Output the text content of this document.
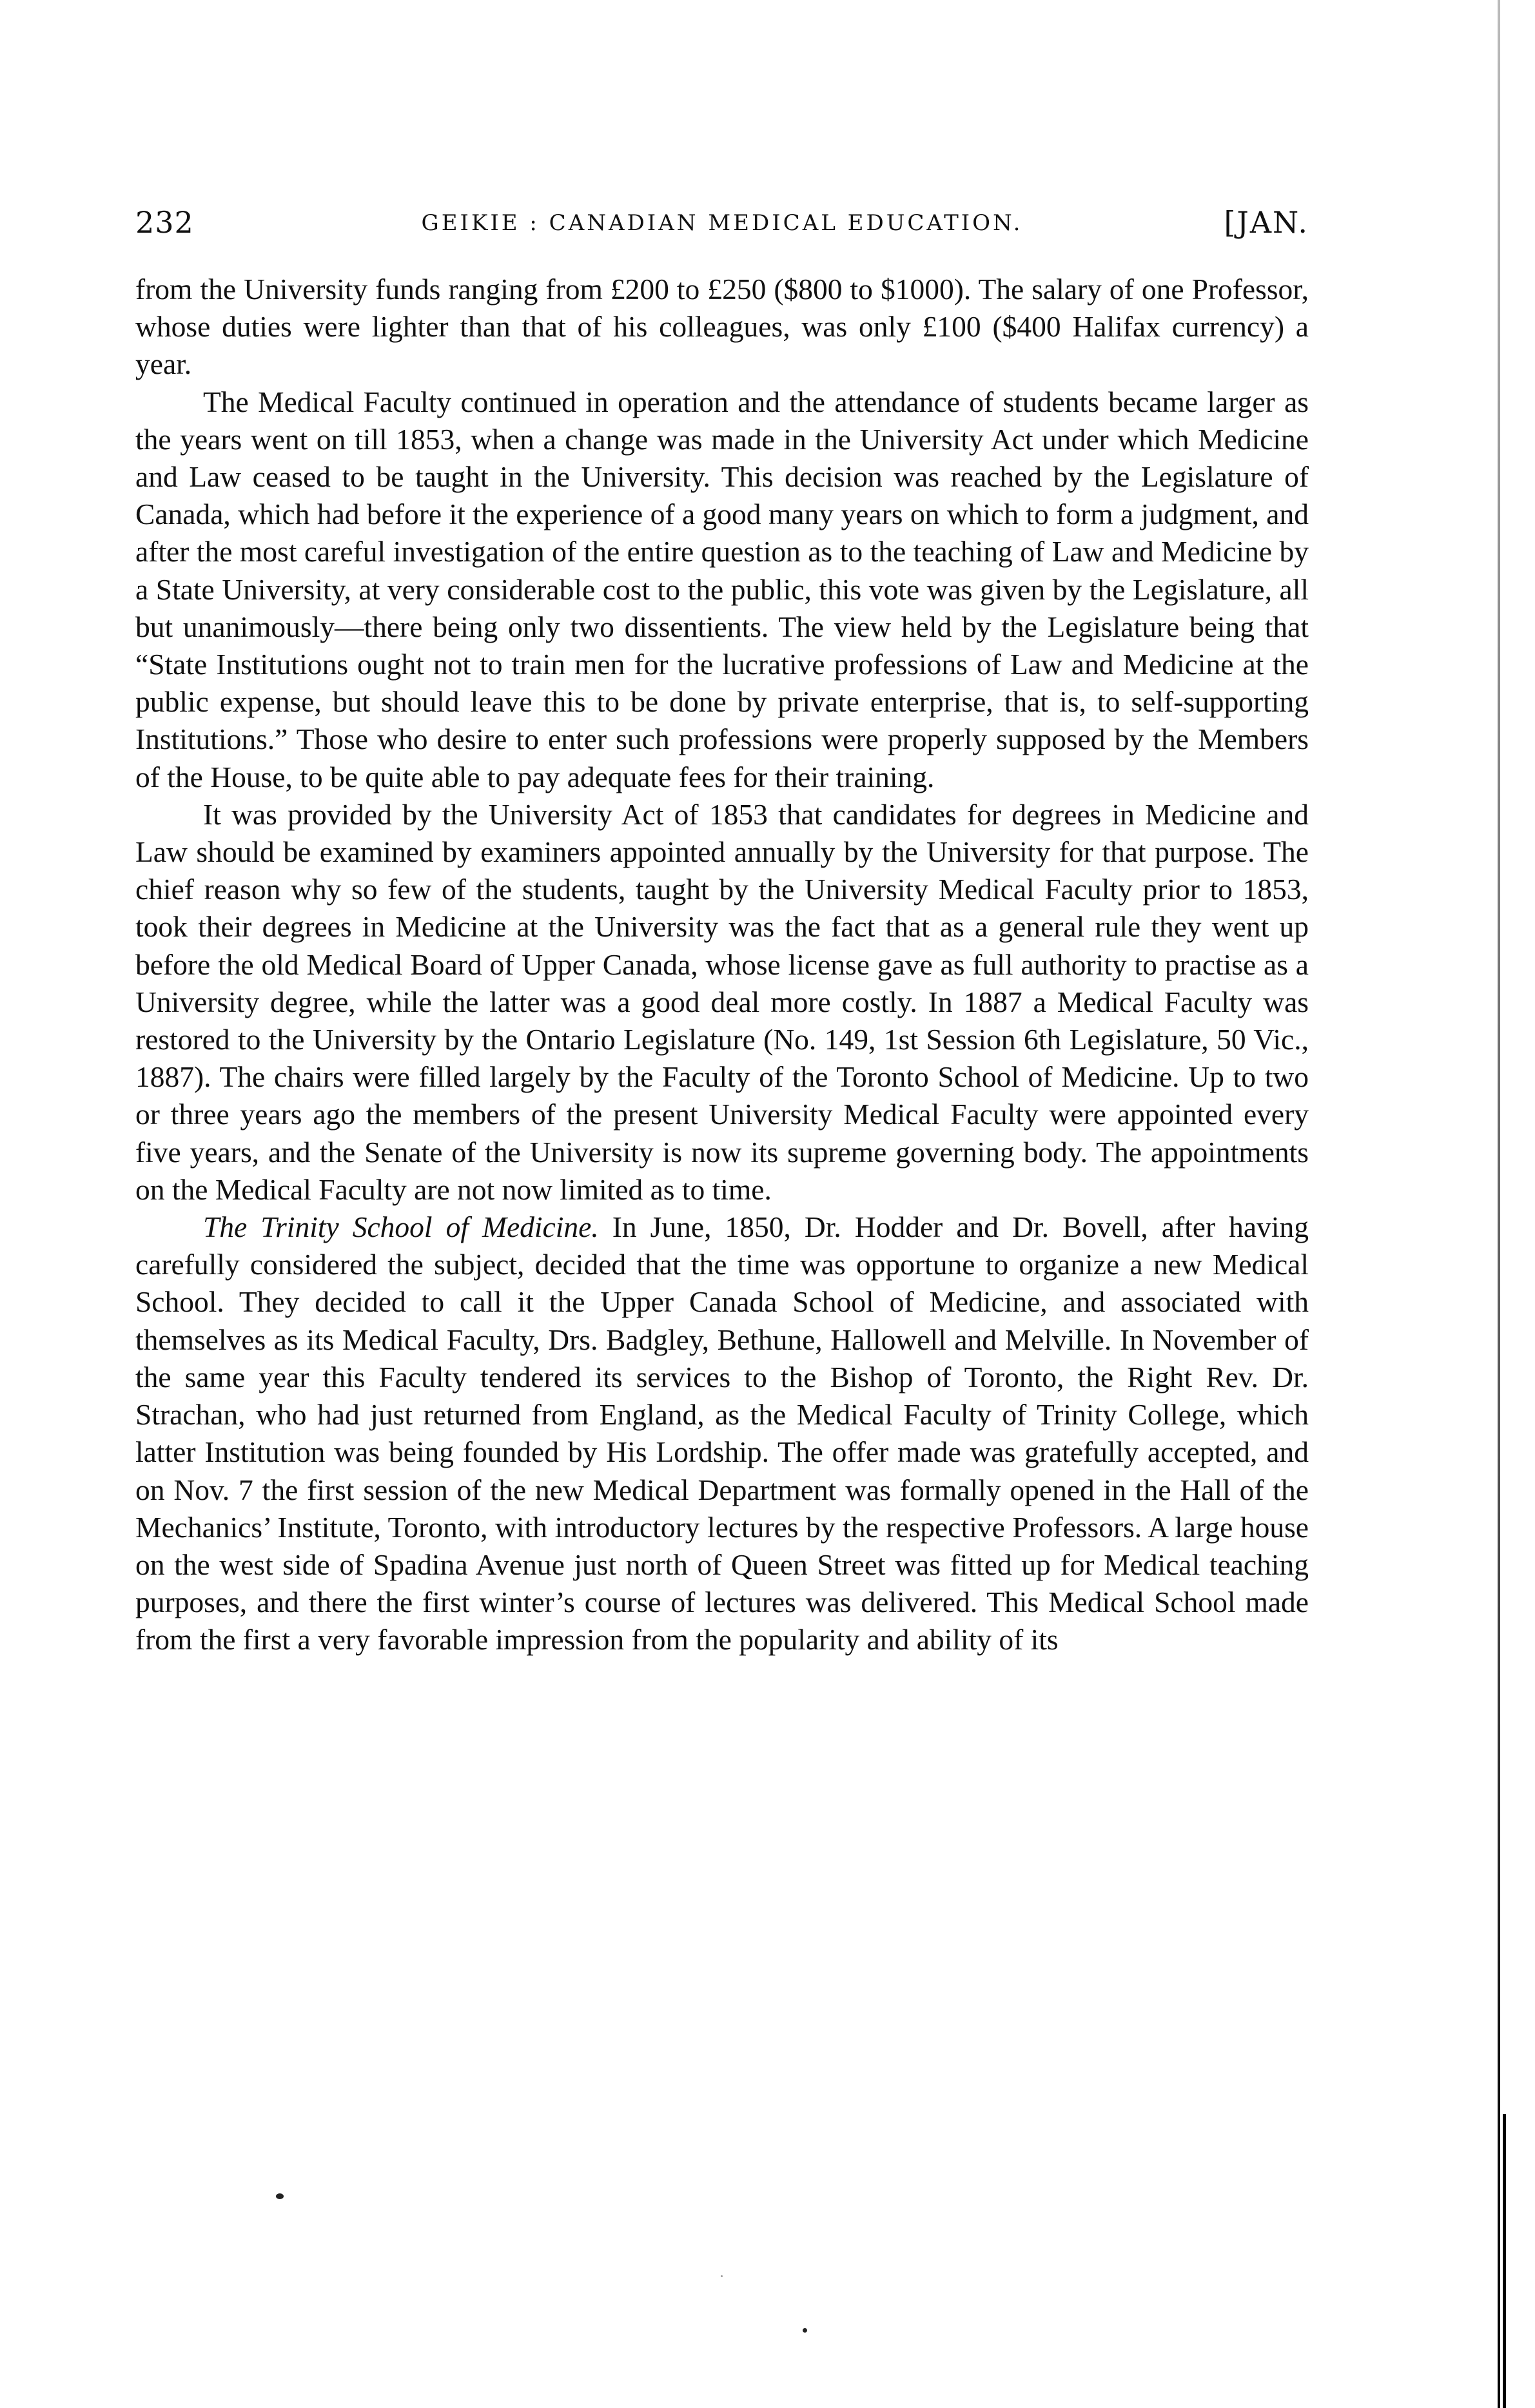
232	GEIKIE : CANADIAN MEDICAL EDUCATION.	[JAN.

from the University funds ranging from £200 to £250 ($800 to $1000). The salary of one Professor, whose duties were lighter than that of his colleagues, was only £100 ($400 Halifax currency) a year.

The Medical Faculty continued in operation and the attendance of students became larger as the years went on till 1853, when a change was made in the University Act under which Medicine and Law ceased to be taught in the University. This decision was reached by the Legislature of Canada, which had before it the experience of a good many years on which to form a judgment, and after the most careful investigation of the entire question as to the teaching of Law and Medicine by a State University, at very considerable cost to the public, this vote was given by the Legislature, all but unanimously—there being only two dissentients. The view held by the Legislature being that “State Institutions ought not to train men for the lucrative professions of Law and Medicine at the public expense, but should leave this to be done by private enterprise, that is, to self-supporting Institutions.” Those who desire to enter such professions were properly supposed by the Members of the House, to be quite able to pay adequate fees for their training.

It was provided by the University Act of 1853 that candidates for degrees in Medicine and Law should be examined by examiners appointed annually by the University for that purpose. The chief reason why so few of the students, taught by the University Medical Faculty prior to 1853, took their degrees in Medicine at the University was the fact that as a general rule they went up before the old Medical Board of Upper Canada, whose license gave as full authority to practise as a University degree, while the latter was a good deal more costly. In 1887 a Medical Faculty was restored to the University by the Ontario Legislature (No. 149, 1st Session 6th Legislature, 50 Vic., 1887). The chairs were filled largely by the Faculty of the Toronto School of Medicine. Up to two or three years ago the members of the present University Medical Faculty were appointed every five years, and the Senate of the University is now its supreme governing body. The appointments on the Medical Faculty are not now limited as to time.

The Trinity School of Medicine. In June, 1850, Dr. Hodder and Dr. Bovell, after having carefully considered the subject, decided that the time was opportune to organize a new Medical School. They decided to call it the Upper Canada School of Medicine, and associated with themselves as its Medical Faculty, Drs. Badgley, Bethune, Hallowell and Melville. In November of the same year this Faculty tendered its services to the Bishop of Toronto, the Right Rev. Dr. Strachan, who had just returned from England, as the Medical Faculty of Trinity College, which latter Institution was being founded by His Lordship. The offer made was gratefully accepted, and on Nov. 7 the first session of the new Medical Department was formally opened in the Hall of the Mechanics’ Institute, Toronto, with introductory lectures by the respective Professors. A large house on the west side of Spadina Avenue just north of Queen Street was fitted up for Medical teaching purposes, and there the first winter’s course of lectures was delivered. This Medical School made from the first a very favorable impression from the popularity and ability of its
